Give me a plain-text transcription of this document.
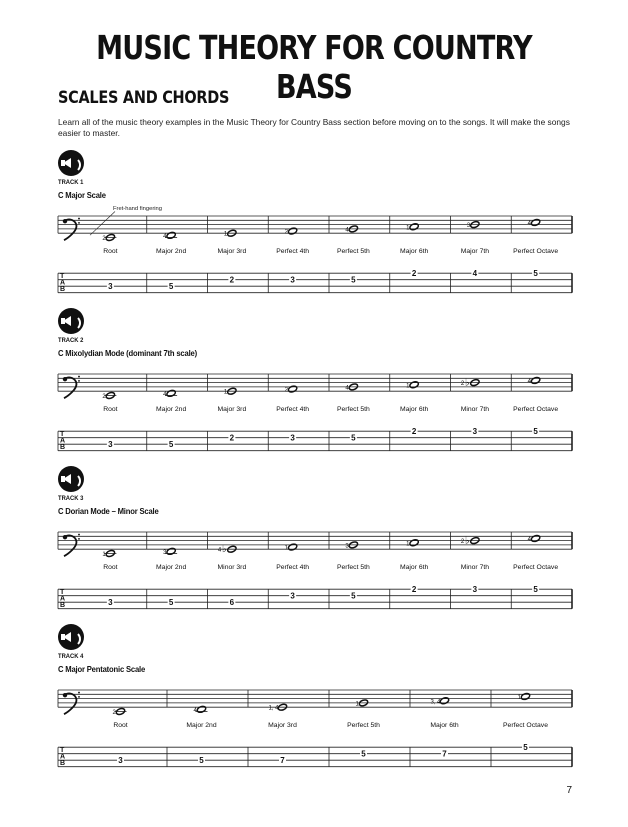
MUSIC THEORY FOR COUNTRY BASS
SCALES AND CHORDS

Learn all of the music theory examples in the Music Theory for Country Bass section before moving on to the songs. It will make the songs easier to master.

TRACK 1
C Major Scale
T
A
B
2
Root
3
4
Major 2nd
5
1
Major 3rd
2
2
Perfect 4th
3
4
Perfect 5th
5
1
Major 6th
2
3
Major 7th
4
4
Perfect Octave
5
Fret-hand fingering
TRACK 2
C Mixolydian Mode (dominant 7th scale)
T
A
B
2
Root
3
4
Major 2nd
5
1
Major 3rd
2
2
Perfect 4th
3
4
Perfect 5th
5
1
Major 6th
2
♭
2
Minor 7th
3
4
Perfect Octave
5
TRACK 3
C Dorian Mode – Minor Scale
T
A
B
1
Root
3
3
Major 2nd
5
♭
4
Minor 3rd
6
1
Perfect 4th
3
3
Perfect 5th
5
1
Major 6th
2
♭
2
Minor 7th
3
4
Perfect Octave
5
TRACK 4
C Major Pentatonic Scale
T
A
B
2
Root
3
4
Major 2nd
5
1, 4
Major 3rd
7
1
Perfect 5th
5
3, 4
Major 6th
7
1
Perfect Octave
5
7
